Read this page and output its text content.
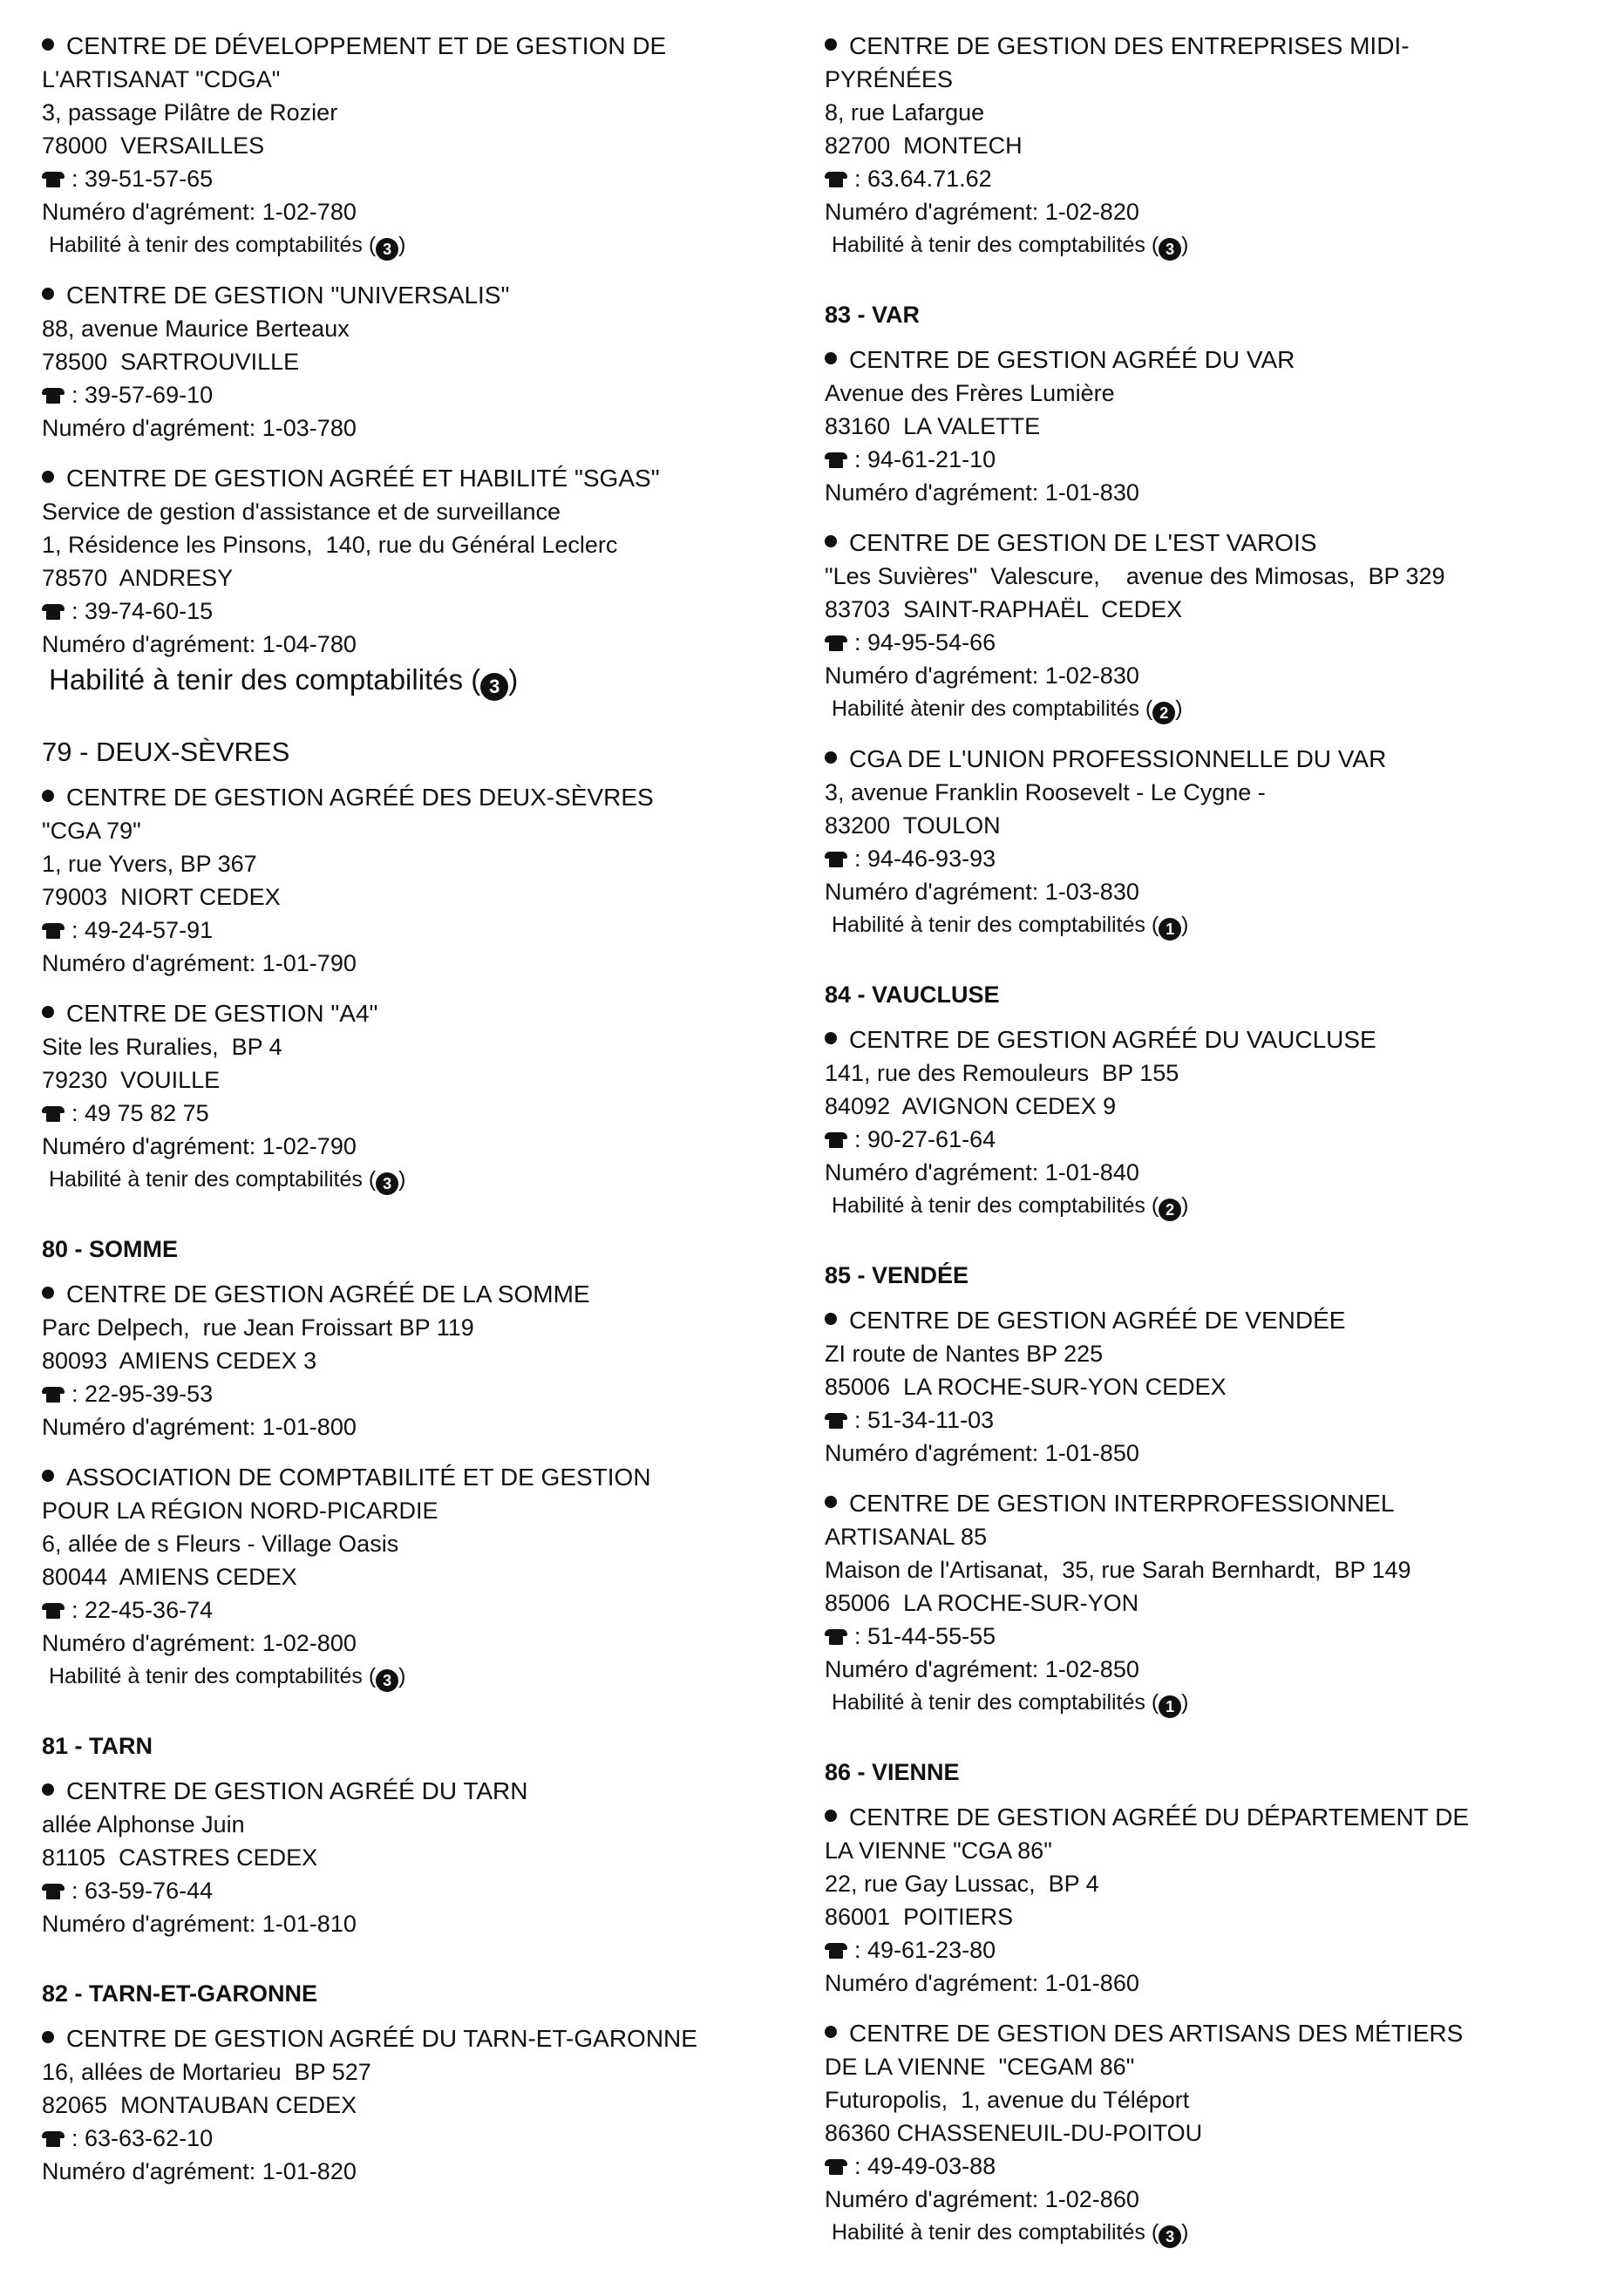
CENTRE DE DÉVELOPPEMENT ET DE GESTION DE
L'ARTISANAT "CDGA"
3, passage Pilâtre de Rozier
78000  VERSAILLES
: 39-51-57-65
Numéro d'agrément: 1-02-780
Habilité à tenir des comptabilités ( 3 )
CENTRE DE GESTION "UNIVERSALIS"
88, avenue Maurice Berteaux
78500  SARTROUVILLE
: 39-57-69-10
Numéro d'agrément: 1-03-780
CENTRE DE GESTION AGRÉÉ ET HABILITÉ "SGAS"
Service de gestion d'assistance et de surveillance
1, Résidence les Pinsons,  140, rue du Général Leclerc
78570  ANDRESY
: 39-74-60-15
Numéro d'agrément: 1-04-780
Habilité à tenir des comptabilités ( 3 )
79 - DEUX-SÈVRES
CENTRE DE GESTION AGRÉÉ DES DEUX-SÈVRES
"CGA 79"
1, rue Yvers, BP 367
79003  NIORT CEDEX
: 49-24-57-91
Numéro d'agrément: 1-01-790
CENTRE DE GESTION "A4"
Site les Ruralies,  BP 4
79230  VOUILLE
: 49 75 82 75
Numéro d'agrément: 1-02-790
Habilité à tenir des comptabilités ( 3 )
80 - SOMME
CENTRE DE GESTION AGRÉÉ DE LA SOMME
Parc Delpech,  rue Jean Froissart BP 119
80093  AMIENS CEDEX 3
: 22-95-39-53
Numéro d'agrément: 1-01-800
ASSOCIATION DE COMPTABILITÉ ET DE GESTION
POUR LA RÉGION NORD-PICARDIE
6, allée de s Fleurs - Village Oasis
80044  AMIENS CEDEX
: 22-45-36-74
Numéro d'agrément: 1-02-800
Habilité à tenir des comptabilités ( 3 )
81 - TARN
CENTRE DE GESTION AGRÉÉ DU TARN
allée Alphonse Juin
81105  CASTRES CEDEX
: 63-59-76-44
Numéro d'agrément: 1-01-810
82 - TARN-ET-GARONNE
CENTRE DE GESTION AGRÉÉ DU TARN-ET-GARONNE
16, allées de Mortarieu  BP 527
82065  MONTAUBAN CEDEX
: 63-63-62-10
Numéro d'agrément: 1-01-820
CENTRE DE GESTION DES ENTREPRISES MIDI-
PYRÉNÉES
8, rue Lafargue
82700  MONTECH
: 63.64.71.62
Numéro d'agrément: 1-02-820
Habilité à tenir des comptabilités ( 3 )
83 - VAR
CENTRE DE GESTION AGRÉÉ DU VAR
Avenue des Frères Lumière
83160  LA VALETTE
: 94-61-21-10
Numéro d'agrément: 1-01-830
CENTRE DE GESTION DE L'EST VAROIS
"Les Suvières"  Valescure,    avenue des Mimosas,  BP 329
83703  SAINT-RAPHAËL  CEDEX
: 94-95-54-66
Numéro d'agrément: 1-02-830
Habilité àtenir des comptabilités ( 2 )
CGA DE L'UNION PROFESSIONNELLE DU VAR
3, avenue Franklin Roosevelt - Le Cygne -
83200  TOULON
: 94-46-93-93
Numéro d'agrément: 1-03-830
Habilité à tenir des comptabilités ( 1 )
84 - VAUCLUSE
CENTRE DE GESTION AGRÉÉ DU VAUCLUSE
141, rue des Remouleurs  BP 155
84092  AVIGNON CEDEX 9
: 90-27-61-64
Numéro d'agrément: 1-01-840
Habilité à tenir des comptabilités ( 2 )
85 - VENDÉE
CENTRE DE GESTION AGRÉÉ DE VENDÉE
ZI route de Nantes BP 225
85006  LA ROCHE-SUR-YON CEDEX
: 51-34-11-03
Numéro d'agrément: 1-01-850
CENTRE DE GESTION INTERPROFESSIONNEL
ARTISANAL 85
Maison de l'Artisanat,  35, rue Sarah Bernhardt,  BP 149
85006  LA ROCHE-SUR-YON
: 51-44-55-55
Numéro d'agrément: 1-02-850
Habilité à tenir des comptabilités ( 1 )
86 - VIENNE
CENTRE DE GESTION AGRÉÉ DU DÉPARTEMENT DE
LA VIENNE "CGA 86"
22, rue Gay Lussac,  BP 4
86001  POITIERS
: 49-61-23-80
Numéro d'agrément: 1-01-860
CENTRE DE GESTION DES ARTISANS DES MÉTIERS
DE LA VIENNE  "CEGAM 86"
Futuropolis,  1, avenue du Téléport
86360 CHASSENEUIL-DU-POITOU
: 49-49-03-88
Numéro d'agrément: 1-02-860
Habilité à tenir des comptabilités ( 3 )
